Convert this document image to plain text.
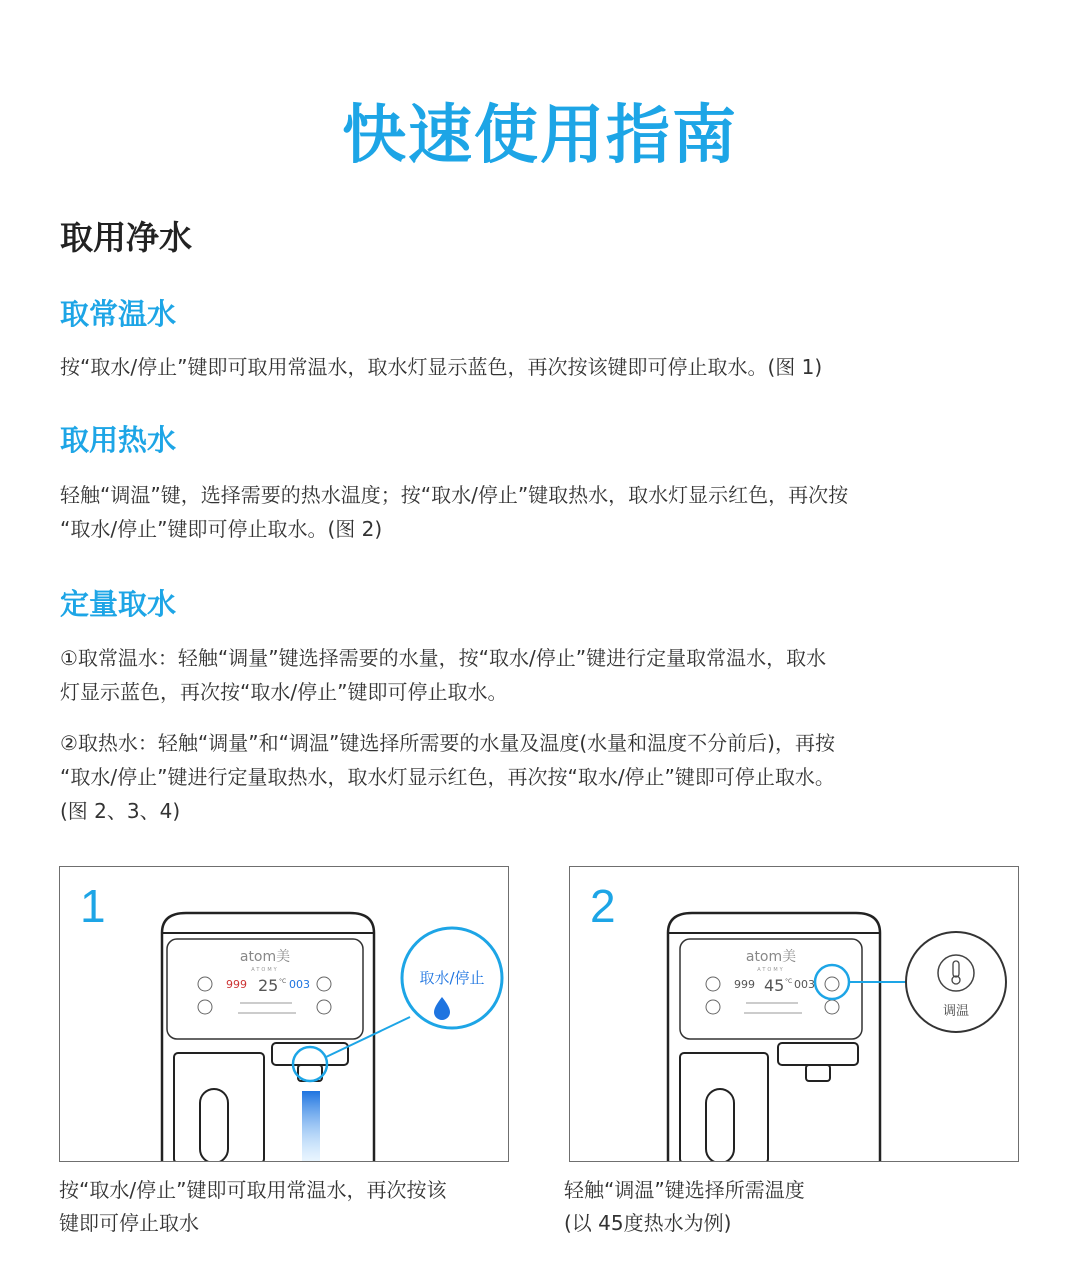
快速使用指南
取用净水
取常温水

按“取水/停止”键即可取用常温水，取水灯显示蓝色，再次按该键即可停止取水。(图 1)

取用热水

轻触“调温”键，选择需要的热水温度；按“取水/停止”键取热水，取水灯显示红色，再次按

“取水/停止”键即可停止取水。(图 2)

定量取水

①取常温水：轻触“调量”键选择需要的水量，按“取水/停止”键进行定量取常温水，取水

灯显示蓝色，再次按“取水/停止”键即可停止取水。

②取热水：轻触“调量”和“调温”键选择所需要的水量及温度(水量和温度不分前后)，再按

“取水/停止”键进行定量取热水，取水灯显示红色，再次按“取水/停止”键即可停止取水。

(图 2、3、4)

1
atom美
ATOMY
999 25 °C 003	取水/停止

按“取水/停止”键即可取用常温水，再次按该

键即可停止取水

2
atom美
ATOMY
999 45 °C 003
调温

轻触“调温”键选择所需温度

(以 45度热水为例)
